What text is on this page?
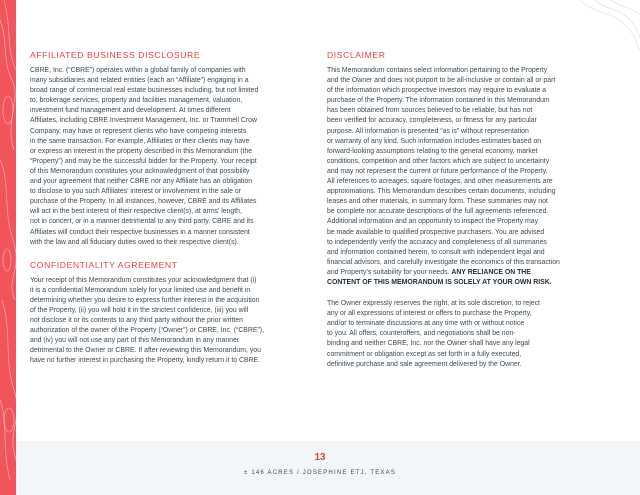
AFFILIATED BUSINESS DISCLOSURE

CBRE, Inc. (“CBRE”) operates within a global family of companies with
many subsidiaries and related entities (each an “Affiliate”) engaging in a
broad range of commercial real estate businesses including, but not limited
to, brokerage services, property and facilities management, valuation,
investment fund management and development. At times different
Affiliates, including CBRE Investment Management, Inc. or Trammell Crow
Company, may have or represent clients who have competing interests
in the same transaction. For example, Affiliates or their clients may have
or express an interest in the property described in this Memorandum (the
“Property”) and may be the successful bidder for the Property. Your receipt
of this Memorandum constitutes your acknowledgment of that possibility
and your agreement that neither CBRE nor any Affiliate has an obligation
to disclose to you such Affiliates’ interest or involvement in the sale or
purchase of the Property. In all instances, however, CBRE and its Affiliates
will act in the best interest of their respective client(s), at arms’ length,
not in concert, or in a manner detrimental to any third party. CBRE and its
Affiliates will conduct their respective businesses in a manner consistent
with the law and all fiduciary duties owed to their respective client(s).

CONFIDENTIALITY AGREEMENT

Your receipt of this Memorandum constitutes your acknowledgment that (i)
it is a confidential Memorandum solely for your limited use and benefit in
determining whether you desire to express further interest in the acquisition
of the Property, (ii) you will hold it in the strictest confidence, (iii) you will
not disclose it or its contents to any third party without the prior written
authorization of the owner of the Property (“Owner”) or CBRE, Inc. (“CBRE”),
and (iv) you will not use any part of this Memorandum in any manner
detrimental to the Owner or CBRE. If after reviewing this Memorandum, you
have no further interest in purchasing the Property, kindly return it to CBRE.

DISCLAIMER

This Memorandum contains select information pertaining to the Property
and the Owner and does not purport to be all-inclusive or contain all or part
of the information which prospective investors may require to evaluate a
purchase of the Property. The information contained in this Memorandum
has been obtained from sources believed to be reliable, but has not
been verified for accuracy, completeness, or fitness for any particular
purpose. All information is presented “as is” without representation
or warranty of any kind. Such information includes estimates based on
forward-looking assumptions relating to the general economy, market
conditions, competition and other factors which are subject to uncertainty
and may not represent the current or future performance of the Property.
All references to acreages, square footages, and other measurements are
approximations. This Memorandum describes certain documents, including
leases and other materials, in summary form. These summaries may not
be complete nor accurate descriptions of the full agreements referenced.
Additional information and an opportunity to inspect the Property may
be made available to qualified prospective purchasers. You are advised
to independently verify the accuracy and completeness of all summaries
and information contained herein, to consult with independent legal and
financial advisors, and carefully investigate the economics of this transaction
and Property’s suitability for your needs. ANY RELIANCE ON THE
CONTENT OF THIS MEMORANDUM IS SOLELY AT YOUR OWN RISK.

The Owner expressly reserves the right, at its sole discretion, to reject
any or all expressions of interest or offers to purchase the Property,
and/or to terminate discussions at any time with or without notice
to you. All offers, counteroffers, and negotiations shall be non-
binding and neither CBRE, Inc. nor the Owner shall have any legal
commitment or obligation except as set forth in a fully executed,
definitive purchase and sale agreement delivered by the Owner.

13
± 146 ACRES / JOSEPHINE ETJ, TEXAS
